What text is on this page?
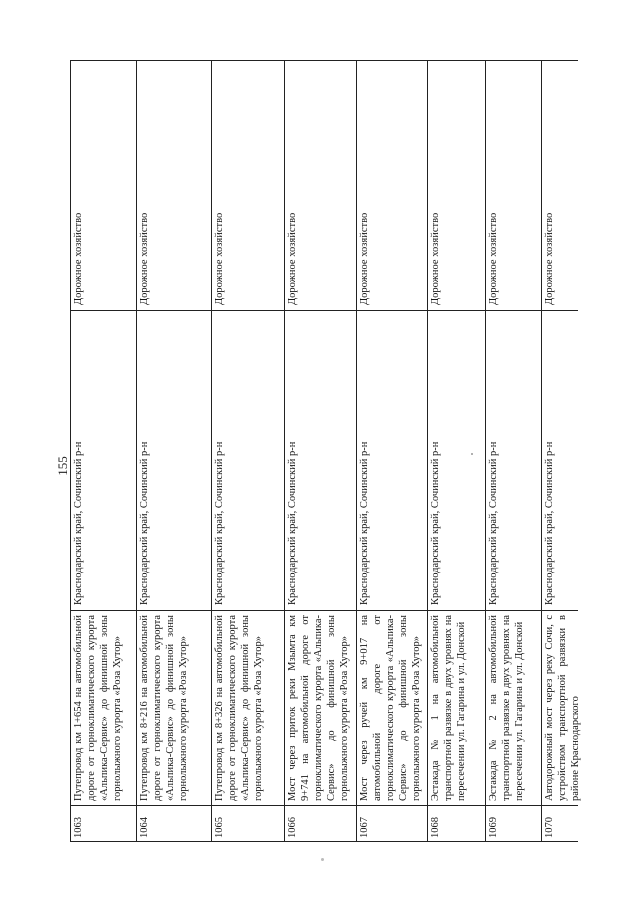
155
1063
Путепровод км 1+654 на автомобильной дороге от горноклиматического курорта «Альпика-Сервис» до финишной зоны горнолыжного курорта «Роза Хутор»
Краснодарский край, Сочинский р-н
Дорожное хозяйство
1064
Путепровод км 8+216 на автомобильной дороге от горноклиматического курорта «Альпика-Сервис» до финишной зоны горнолыжного курорта «Роза Хутор»
Краснодарский край, Сочинский р-н
Дорожное хозяйство
1065
Путепровод км 8+326 на автомобильной дороге от горноклиматического курорта «Альпика-Сервис» до финишной зоны горнолыжного курорта «Роза Хутор»
Краснодарский край, Сочинский р-н
Дорожное хозяйство
1066
Мост через приток реки Мзымта км 9+741 на автомобильной дороге от горноклиматического курорта «Альпика-Сервис» до финишной зоны горнолыжного курорта «Роза Хутор»
Краснодарский край, Сочинский р-н
Дорожное хозяйство
1067
Мост через ручей км 9+017 на автомобильной дороге от горноклиматического курорта «Альпика-Сервис» до финишной зоны горнолыжного курорта «Роза Хутор»
Краснодарский край, Сочинский р-н
Дорожное хозяйство
1068
Эстакада № 1 на автомобильной транспортной развязке в двух уровнях на пересечении ул. Гагарина и ул. Донской
Краснодарский край, Сочинский р-н
Дорожное хозяйство
1069
Эстакада № 2 на автомобильной транспортной развязке в двух уровнях на пересечении ул. Гагарина и ул. Донской
Краснодарский край, Сочинский р-н
Дорожное хозяйство
1070
Автодорожный мост через реку Сочи, с устройством транспортной развязки в районе Краснодарского
Краснодарский край, Сочинский р-н
Дорожное хозяйство
